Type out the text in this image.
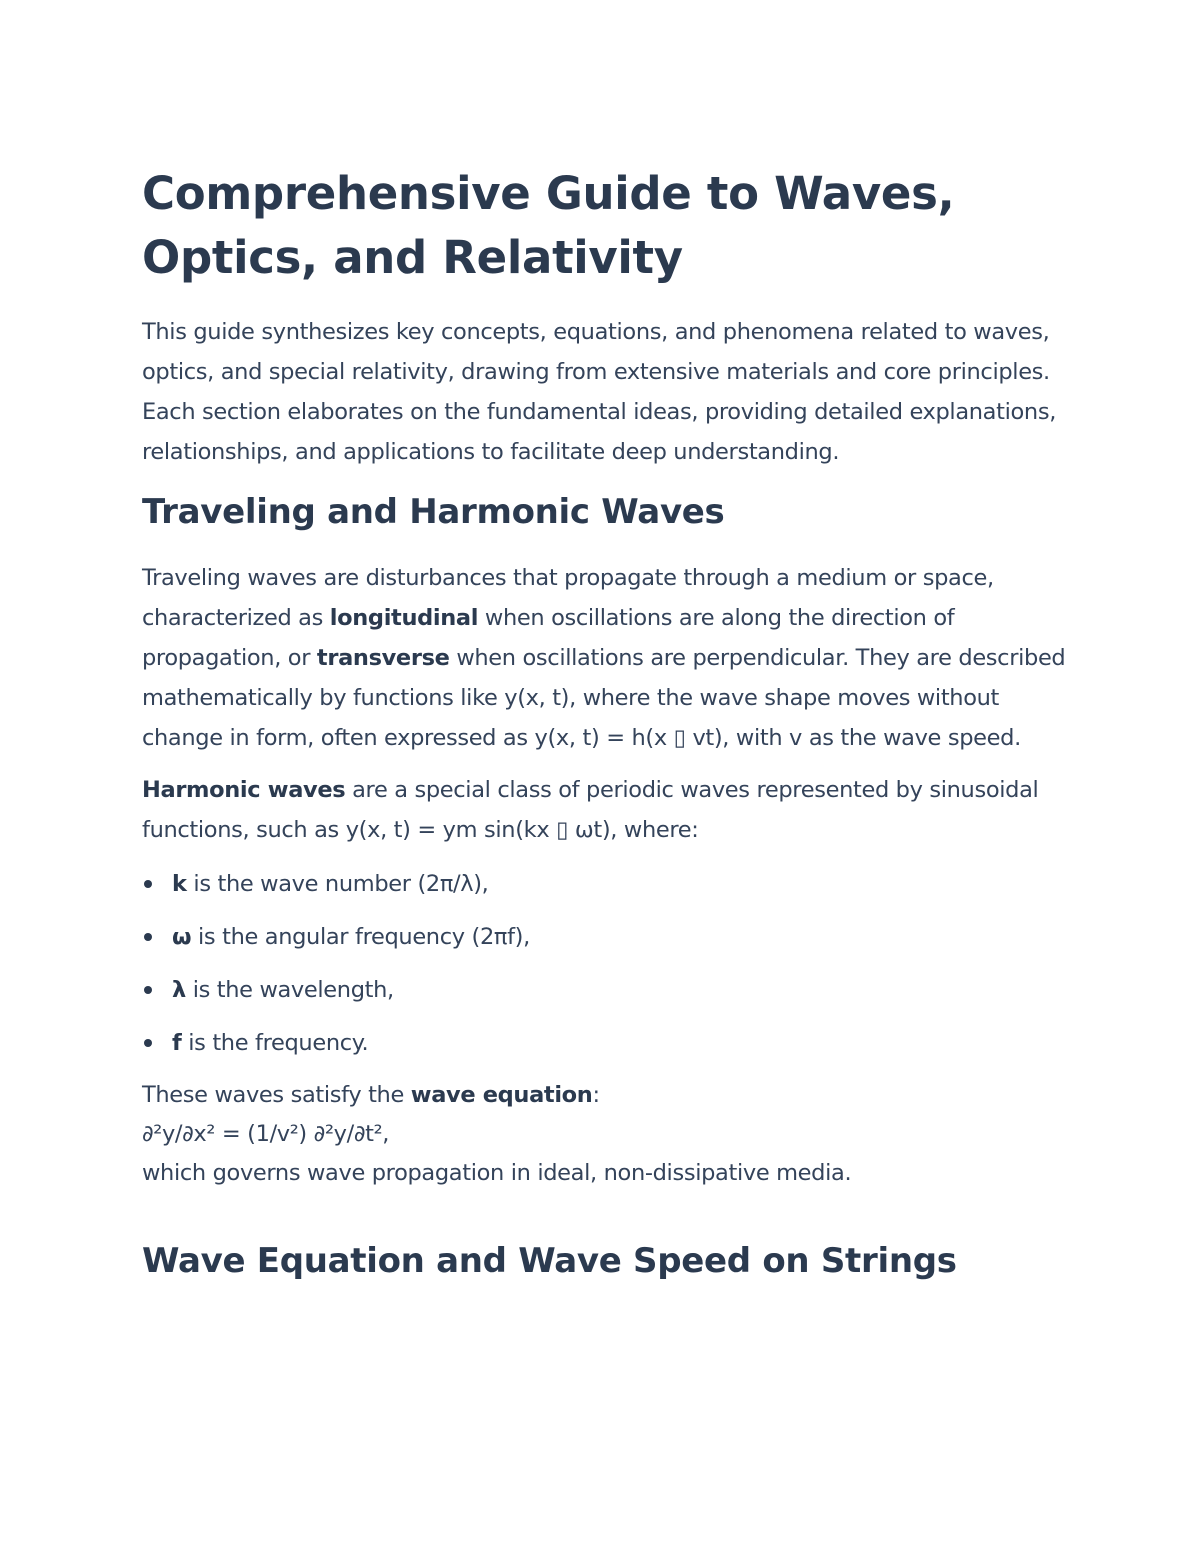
Comprehensive Guide to Waves, Optics, and Relativity

This guide synthesizes key concepts, equations, and phenomena related to waves, optics, and special relativity, drawing from extensive materials and core principles. Each section elaborates on the fundamental ideas, providing detailed explanations, relationships, and applications to facilitate deep understanding.

Traveling and Harmonic Waves

Traveling waves are disturbances that propagate through a medium or space, characterized as longitudinal when oscillations are along the direction of propagation, or transverse when oscillations are perpendicular. They are described mathematically by functions like y(x, t), where the wave shape moves without change in form, often expressed as y(x, t) = h(x ▯ vt), with v as the wave speed.

Harmonic waves are a special class of periodic waves represented by sinusoidal functions, such as y(x, t) = ym sin(kx ▯ ωt), where:

k is the wave number (2π/λ),
ω is the angular frequency (2πf),
λ is the wavelength,
f is the frequency.

These waves satisfy the wave equation:

∂²y/∂x² = (1/v²) ∂²y/∂t²,

which governs wave propagation in ideal, non-dissipative media.

Wave Equation and Wave Speed on Strings
